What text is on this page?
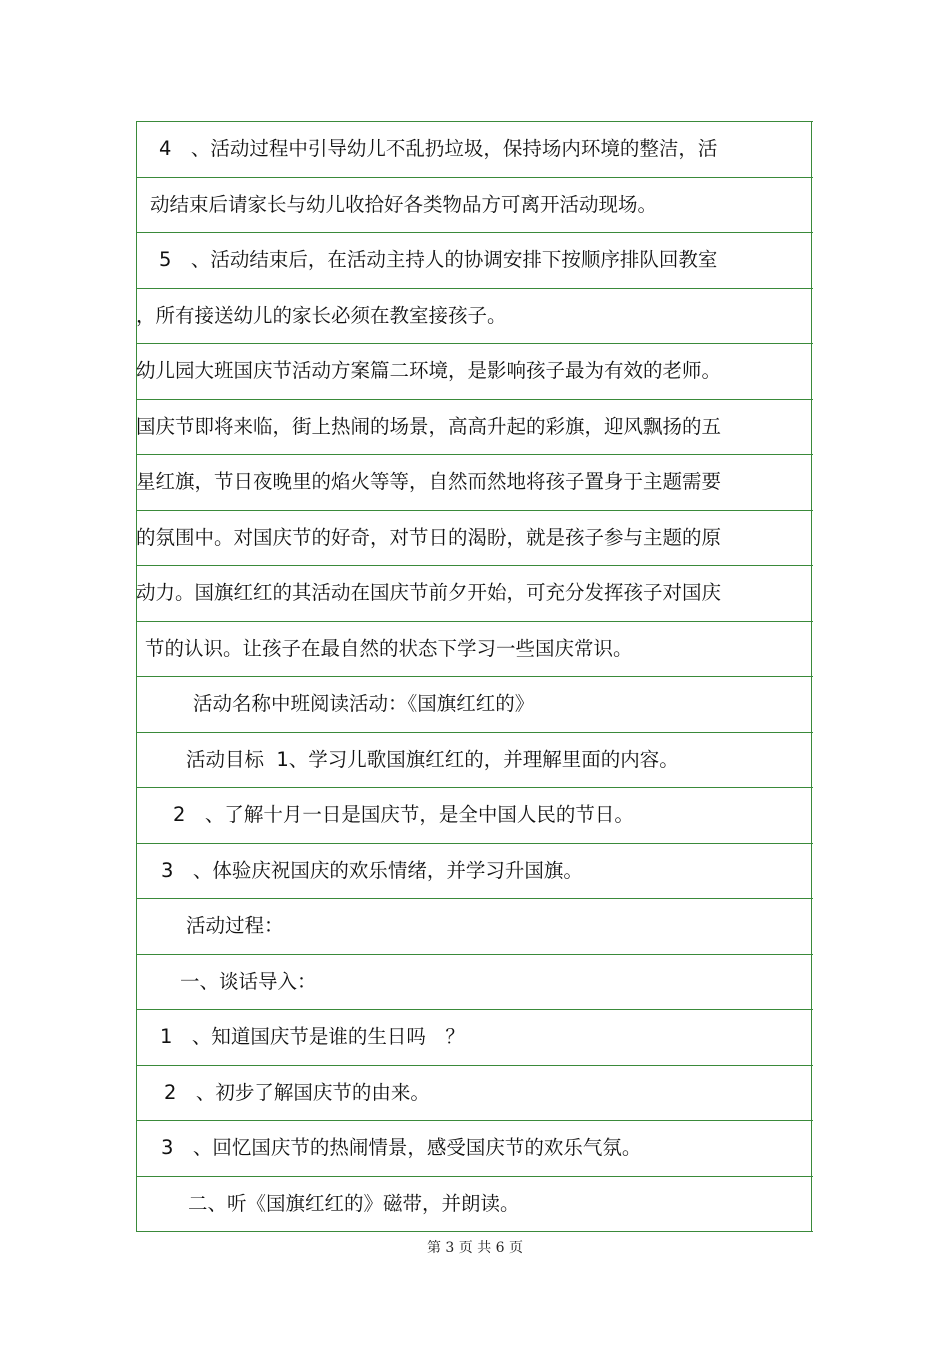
4　、活动过程中引导幼儿不乱扔垃圾，保持场内环境的整洁，活
动结束后请家长与幼儿收拾好各类物品方可离开活动现场。
5　、活动结束后，在活动主持人的协调安排下按顺序排队回教室
，所有接送幼儿的家长必须在教室接孩子。
幼儿园大班国庆节活动方案篇二环境，是影响孩子最为有效的老师。
国庆节即将来临，街上热闹的场景，高高升起的彩旗，迎风飘扬的五
星红旗，节日夜晚里的焰火等等，自然而然地将孩子置身于主题需要
的氛围中。对国庆节的好奇，对节日的渴盼，就是孩子参与主题的原
动力。国旗红红的其活动在国庆节前夕开始，可充分发挥孩子对国庆
节的认识。让孩子在最自然的状态下学习一些国庆常识。
活动名称中班阅读活动：《国旗红红的》
活动目标  1、学习儿歌国旗红红的，并理解里面的内容。
2　、了解十月一日是国庆节，是全中国人民的节日。
3　、体验庆祝国庆的欢乐情绪，并学习升国旗。
活动过程：
一、谈话导入：
1　、知道国庆节是谁的生日吗　？
2　、初步了解国庆节的由来。
3　、回忆国庆节的热闹情景，感受国庆节的欢乐气氛。
二、听《国旗红红的》磁带，并朗读。
第 3 页 共 6 页
